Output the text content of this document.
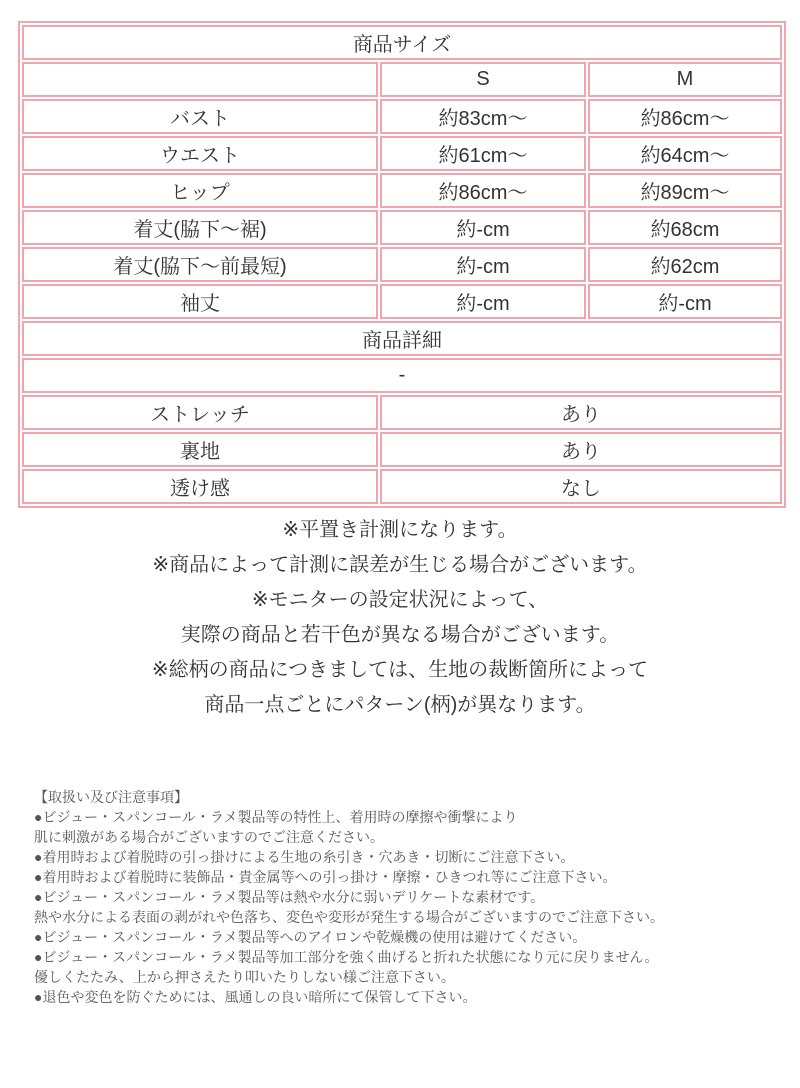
商品サイズ		
	S	M
バスト	約83cm〜	約86cm〜
ウエスト	約61cm〜	約64cm〜
ヒップ	約86cm〜	約89cm〜
着丈(脇下〜裾)	約-cm	約68cm
着丈(脇下〜前最短)	約-cm	約62cm
袖丈	約-cm	約-cm
商品詳細		
-		
ストレッチ	あり	
裏地	あり	
透け感	なし	
※平置き計測になります。
※商品によって計測に誤差が生じる場合がございます。
※モニターの設定状況によって、
実際の商品と若干色が異なる場合がございます。
※総柄の商品につきましては、生地の裁断箇所によって
商品一点ごとにパターン(柄)が異なります。
【取扱い及び注意事項】
●ビジュー・スパンコール・ラメ製品等の特性上、着用時の摩擦や衝撃により
肌に刺激がある場合がございますのでご注意ください。
●着用時および着脱時の引っ掛けによる生地の糸引き・穴あき・切断にご注意下さい。
●着用時および着脱時に装飾品・貴金属等への引っ掛け・摩擦・ひきつれ等にご注意下さい。
●ビジュー・スパンコール・ラメ製品等は熱や水分に弱いデリケートな素材です。
熱や水分による表面の剥がれや色落ち、変色や変形が発生する場合がございますのでご注意下さい。
●ビジュー・スパンコール・ラメ製品等へのアイロンや乾燥機の使用は避けてください。
●ビジュー・スパンコール・ラメ製品等加工部分を強く曲げると折れた状態になり元に戻りません。
優しくたたみ、上から押さえたり叩いたりしない様ご注意下さい。
●退色や変色を防ぐためには、風通しの良い暗所にて保管して下さい。
